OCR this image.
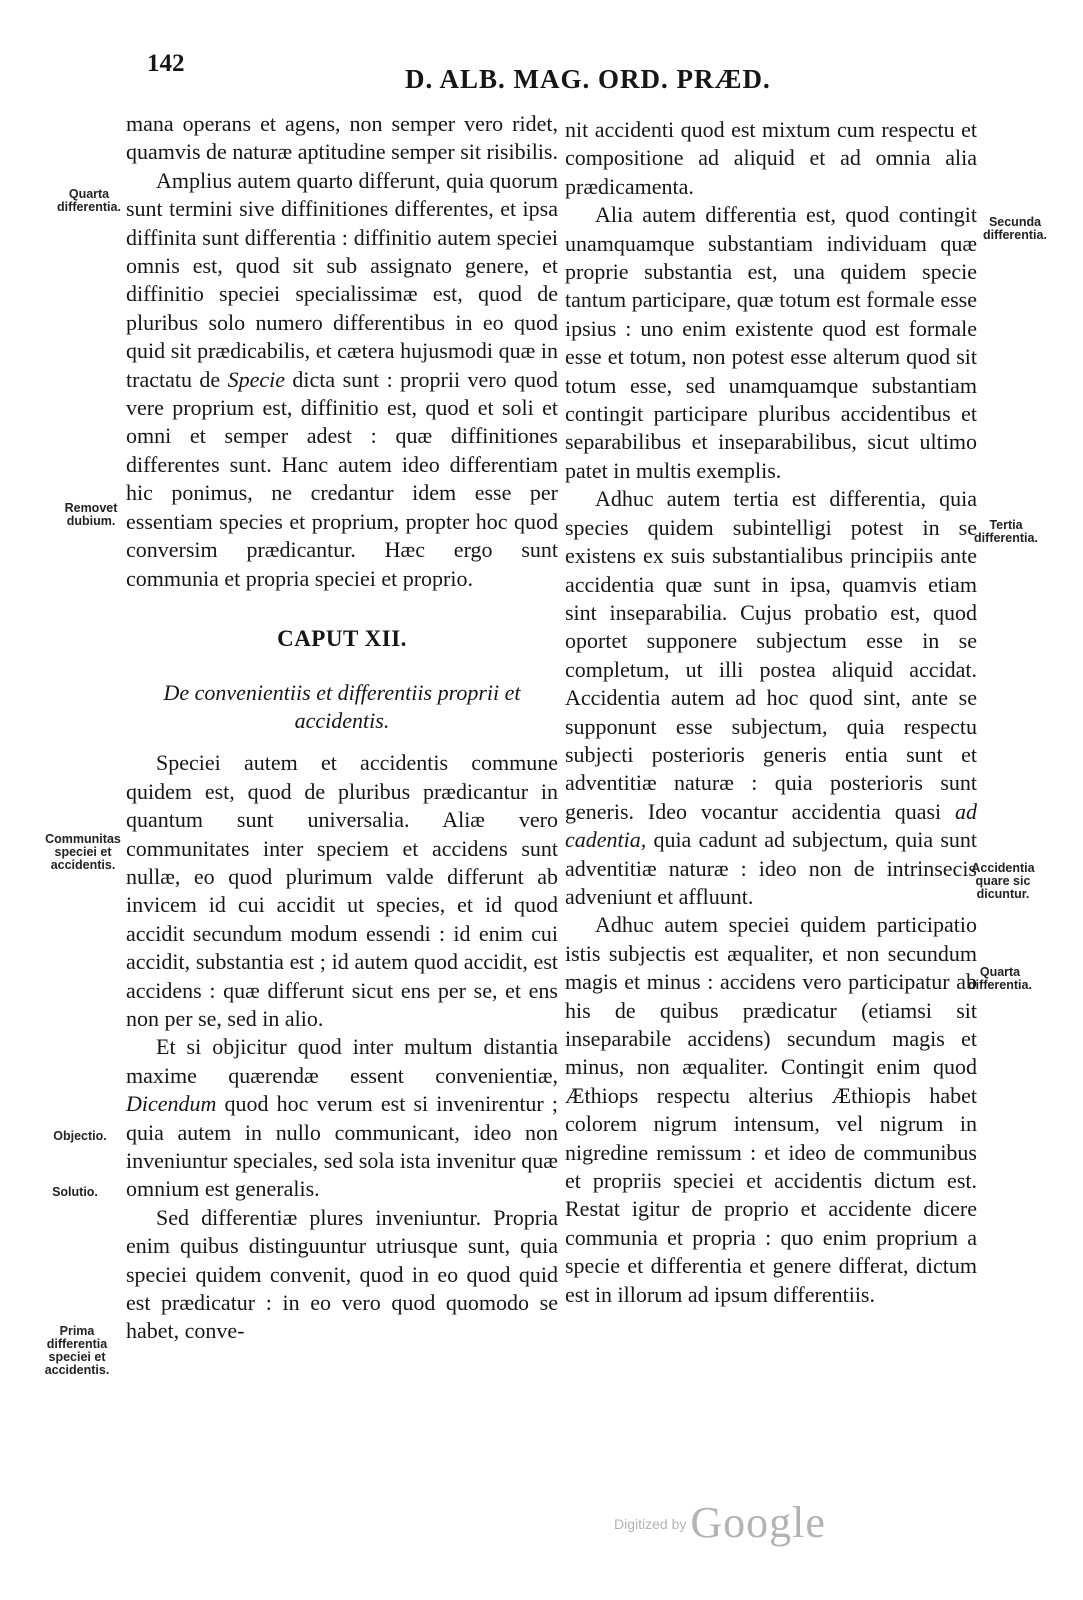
142
D. ALB. MAG. ORD. PRÆD.

mana operans et agens, non semper vero ridet, quamvis de naturæ aptitudine semper sit risibilis.

Amplius autem quarto differunt, quia quorum sunt termini sive diffinitiones differentes, et ipsa diffinita sunt differentia : diffinitio autem speciei omnis est, quod sit sub assignato genere, et diffinitio speciei specialissimæ est, quod de pluribus solo numero differentibus in eo quod quid sit prædicabilis, et cætera hujusmodi quæ in tractatu de Specie dicta sunt : proprii vero quod vere proprium est, diffinitio est, quod et soli et omni et semper adest : quæ diffinitiones differentes sunt. Hanc autem ideo differentiam hic ponimus, ne credantur idem esse per essentiam species et proprium, propter hoc quod conversim prædicantur. Hæc ergo sunt communia et propria speciei et proprio.

CAPUT XII.
De convenientiis et differentiis proprii et accidentis.

Speciei autem et accidentis commune quidem est, quod de pluribus prædicantur in quantum sunt universalia. Aliæ vero communitates inter speciem et accidens sunt nullæ, eo quod plurimum valde differunt ab invicem id cui accidit ut species, et id quod accidit secundum modum essendi : id enim cui accidit, substantia est ; id autem quod accidit, est accidens : quæ differunt sicut ens per se, et ens non per se, sed in alio.

Et si objicitur quod inter multum distantia maxime quærendæ essent convenientiæ, Dicendum quod hoc verum est si invenirentur ; quia autem in nullo communicant, ideo non inveniuntur speciales, sed sola ista invenitur quæ omnium est generalis.

Sed differentiæ plures inveniuntur. Propria enim quibus distinguuntur utriusque sunt, quia speciei quidem convenit, quod in eo quod quid est prædicatur : in eo vero quod quomodo se habet, conve-

nit accidenti quod est mixtum cum respectu et compositione ad aliquid et ad omnia alia prædicamenta.

Alia autem differentia est, quod contingit unamquamque substantiam individuam quæ proprie substantia est, una quidem specie tantum participare, quæ totum est formale esse ipsius : uno enim existente quod est formale esse et totum, non potest esse alterum quod sit totum esse, sed unamquamque substantiam contingit participare pluribus accidentibus et separabilibus et inseparabilibus, sicut ultimo patet in multis exemplis.

Adhuc autem tertia est differentia, quia species quidem subintelligi potest in se existens ex suis substantialibus principiis ante accidentia quæ sunt in ipsa, quamvis etiam sint inseparabilia. Cujus probatio est, quod oportet supponere subjectum esse in se completum, ut illi postea aliquid accidat. Accidentia autem ad hoc quod sint, ante se supponunt esse subjectum, quia respectu subjecti posterioris generis entia sunt et adventitiæ naturæ : quia posterioris sunt generis. Ideo vocantur accidentia quasi ad cadentia, quia cadunt ad subjectum, quia sunt adventitiæ naturæ : ideo non de intrinsecis adveniunt et affluunt.

Adhuc autem speciei quidem participatio istis subjectis est æqualiter, et non secundum magis et minus : accidens vero participatur ab his de quibus prædicatur (etiamsi sit inseparabile accidens) secundum magis et minus, non æqualiter. Contingit enim quod Æthiops respectu alterius Æthiopis habet colorem nigrum intensum, vel nigrum in nigredine remissum : et ideo de communibus et propriis speciei et accidentis dictum est. Restat igitur de proprio et accidente dicere communia et propria : quo enim proprium a specie et differentia et genere differat, dictum est in illorum ad ipsum differentiis.

Quarta differentia.
Removet dubium.
Communitas speciei et accidentis.
Objectio.
Solutio.
Prima differentia speciei et accidentis.
Secunda differentia.
Tertia differentia.
Accidentia quare sic dicuntur.
Quarta differentia.
Digitized byGoogle
